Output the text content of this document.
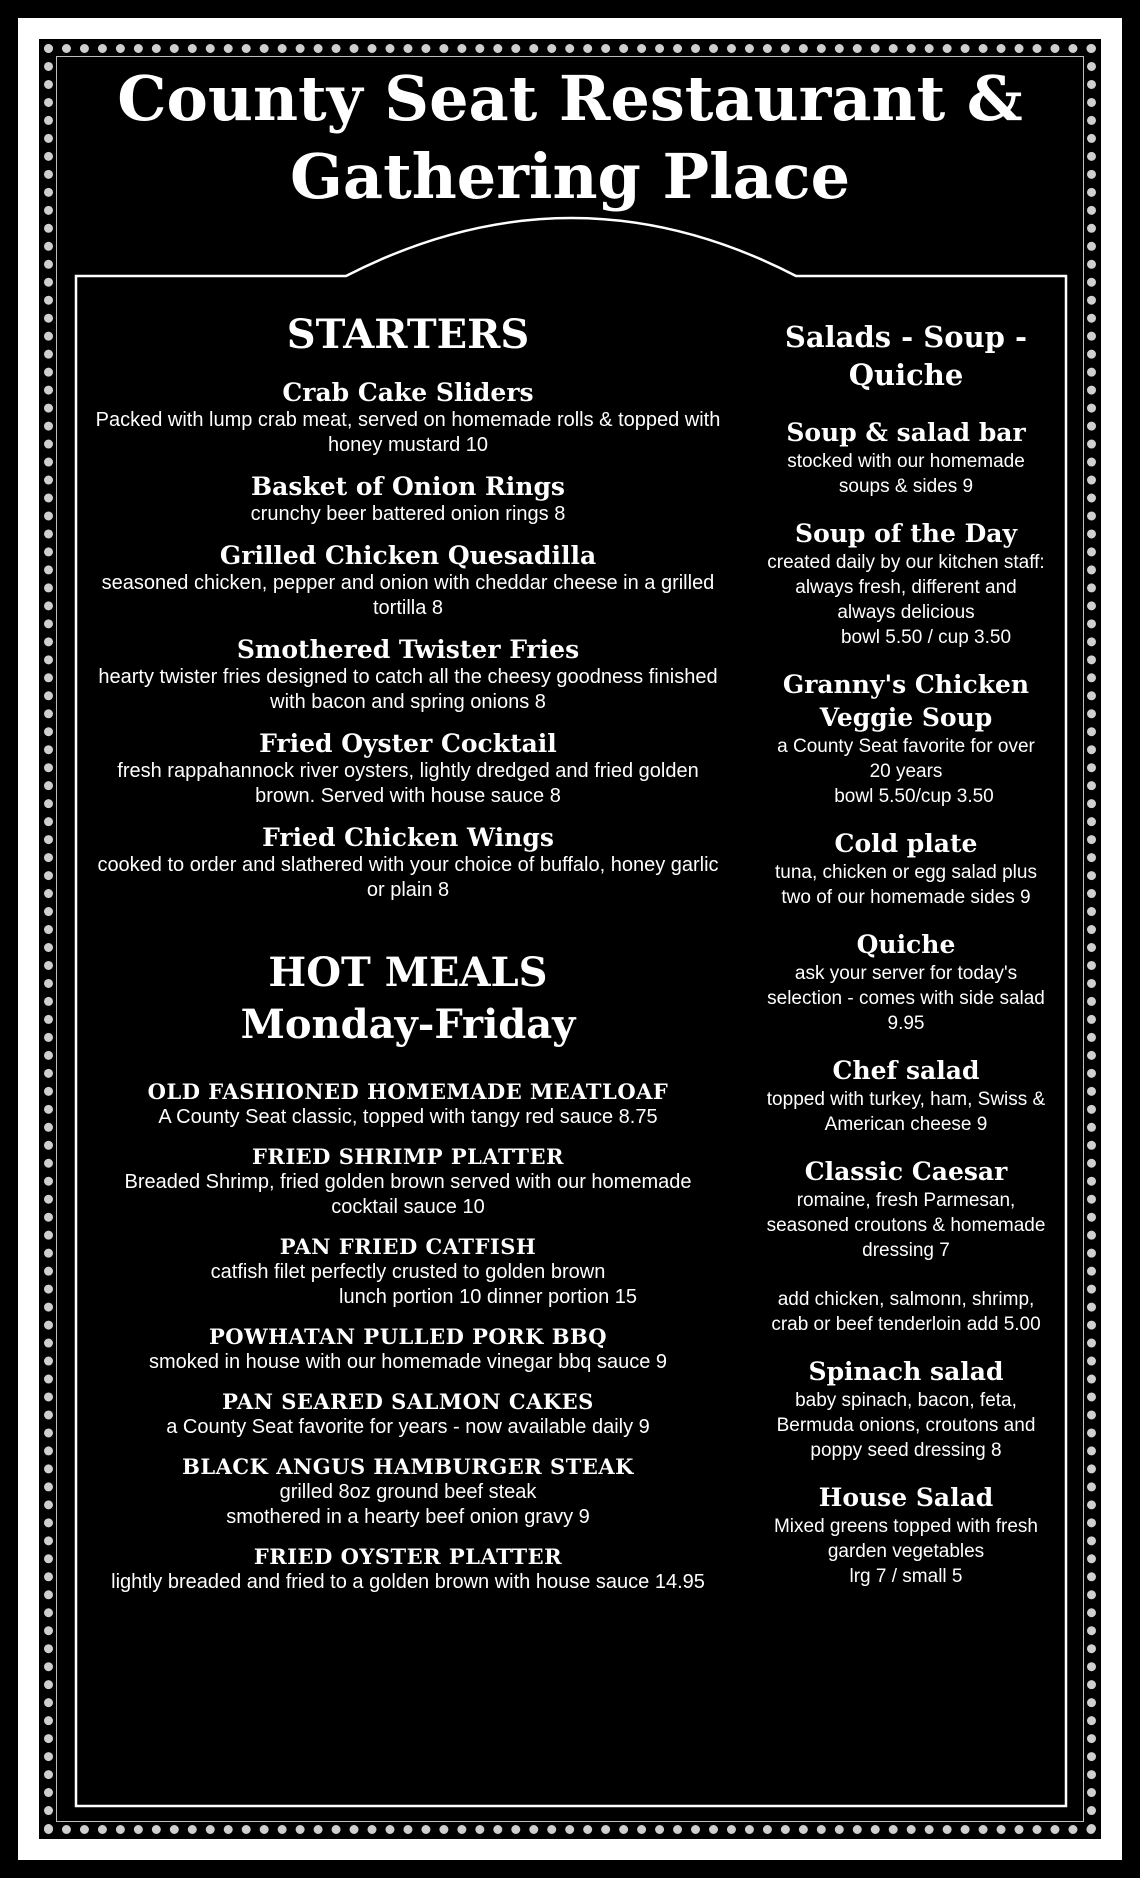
County Seat Restaurant &
Gathering Place
STARTERS
Crab Cake Sliders
Packed with lump crab meat, served on homemade rolls & topped with honey mustard 10
Basket of Onion Rings
crunchy beer battered onion rings 8
Grilled Chicken Quesadilla
seasoned chicken, pepper and onion with cheddar cheese in a grilled tortilla 8
Smothered Twister Fries
hearty twister fries designed to catch all the cheesy goodness finished with bacon and spring onions 8
Fried Oyster Cocktail
fresh rappahannock river oysters, lightly dredged and fried golden brown. Served with house sauce 8
Fried Chicken Wings
cooked to order and slathered with your choice of buffalo, honey garlic or plain 8
HOT MEALS
Monday-Friday
OLD FASHIONED HOMEMADE MEATLOAF
A County Seat classic, topped with tangy red sauce 8.75
FRIED SHRIMP PLATTER
Breaded Shrimp, fried golden brown served with our homemade cocktail sauce 10
PAN FRIED CATFISH
catfish filet perfectly crusted to golden brown
lunch portion 10 dinner portion 15
POWHATAN PULLED PORK BBQ
smoked in house with our homemade vinegar bbq sauce 9
PAN SEARED SALMON CAKES
a County Seat favorite for years - now available daily 9
BLACK ANGUS HAMBURGER STEAK
grilled 8oz ground beef steak
smothered in a hearty beef onion gravy 9
FRIED OYSTER PLATTER
lightly breaded and fried to a golden brown with house sauce 14.95
Salads - Soup -
Quiche
Soup & salad bar
stocked with our homemade soups & sides 9
Soup of the Day
created daily by our kitchen staff: always fresh, different and always delicious
bowl 5.50 / cup 3.50
Granny's Chicken Veggie Soup
a County Seat favorite for over 20 years
bowl 5.50/cup 3.50
Cold plate
tuna, chicken or egg salad plus two of our homemade sides 9
Quiche
ask your server for today's selection - comes with side salad 9.95
Chef salad
topped with turkey, ham, Swiss & American cheese 9
Classic Caesar
romaine, fresh Parmesan, seasoned croutons & homemade dressing 7
add chicken, salmonn, shrimp, crab or beef tenderloin add 5.00
Spinach salad
baby spinach, bacon, feta, Bermuda onions, croutons and poppy seed dressing 8
House Salad
Mixed greens topped with fresh garden vegetables
lrg 7 / small 5
